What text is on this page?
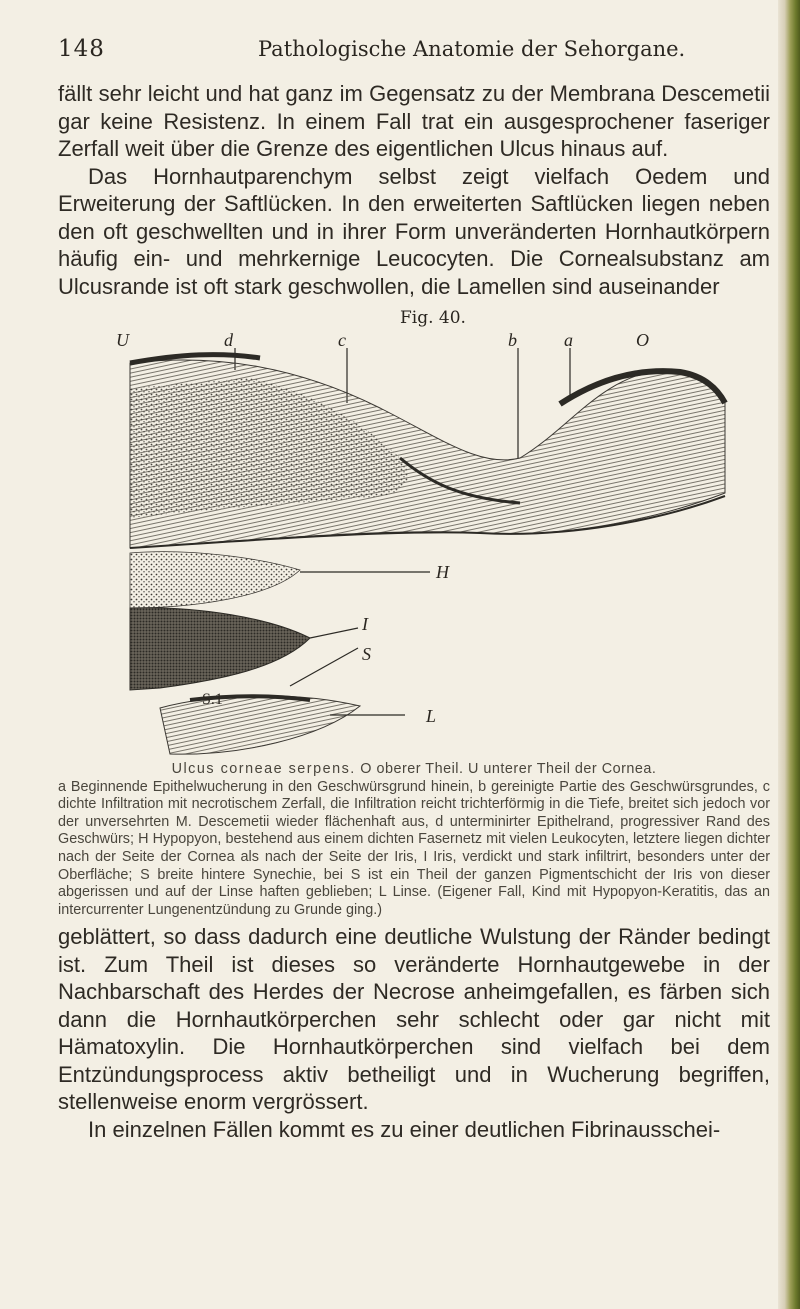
148	Pathologische Anatomie der Sehorgane.

fällt sehr leicht und hat ganz im Gegensatz zu der Membrana Descemetii gar keine Resistenz. In einem Fall trat ein ausgesprochener faseriger Zerfall weit über die Grenze des eigentlichen Ulcus hinaus auf.

Das Hornhautparenchym selbst zeigt vielfach Oedem und Erweiterung der Saftlücken. In den erweiterten Saftlücken liegen neben den oft geschwellten und in ihrer Form unveränderten Hornhautkörpern häufig ein- und mehrkernige Leucocyten. Die Cornealsubstanz am Ulcusrande ist oft stark geschwollen, die Lamellen sind auseinander

Fig. 40.
U	d	c	b	a	O
H
I
S
S.1
L

Ulcus corneae serpens. O oberer Theil. U unterer Theil der Cornea.
a Beginnende Epithelwucherung in den Geschwürsgrund hinein, b gereinigte Partie des Geschwürsgrundes, c dichte Infiltration mit necrotischem Zerfall, die Infiltration reicht trichterförmig in die Tiefe, breitet sich jedoch vor der unversehrten M. Descemetii wieder flächenhaft aus, d unterminirter Epithelrand, progressiver Rand des Geschwürs; H Hypopyon, bestehend aus einem dichten Fasernetz mit vielen Leukocyten, letztere liegen dichter nach der Seite der Cornea als nach der Seite der Iris, I Iris, verdickt und stark infiltrirt, besonders unter der Oberfläche; S breite hintere Synechie, bei S ist ein Theil der ganzen Pigmentschicht der Iris von dieser abgerissen und auf der Linse haften geblieben; L Linse. (Eigener Fall, Kind mit Hypopyon-Keratitis, das an intercurrenter Lungenentzündung zu Grunde ging.)

geblättert, so dass dadurch eine deutliche Wulstung der Ränder bedingt ist. Zum Theil ist dieses so veränderte Hornhautgewebe in der Nachbarschaft des Herdes der Necrose anheimgefallen, es färben sich dann die Hornhautkörperchen sehr schlecht oder gar nicht mit Hämatoxylin. Die Hornhautkörperchen sind vielfach bei dem Entzündungsprocess aktiv betheiligt und in Wucherung begriffen, stellenweise enorm vergrössert.

In einzelnen Fällen kommt es zu einer deutlichen Fibrinausschei-
